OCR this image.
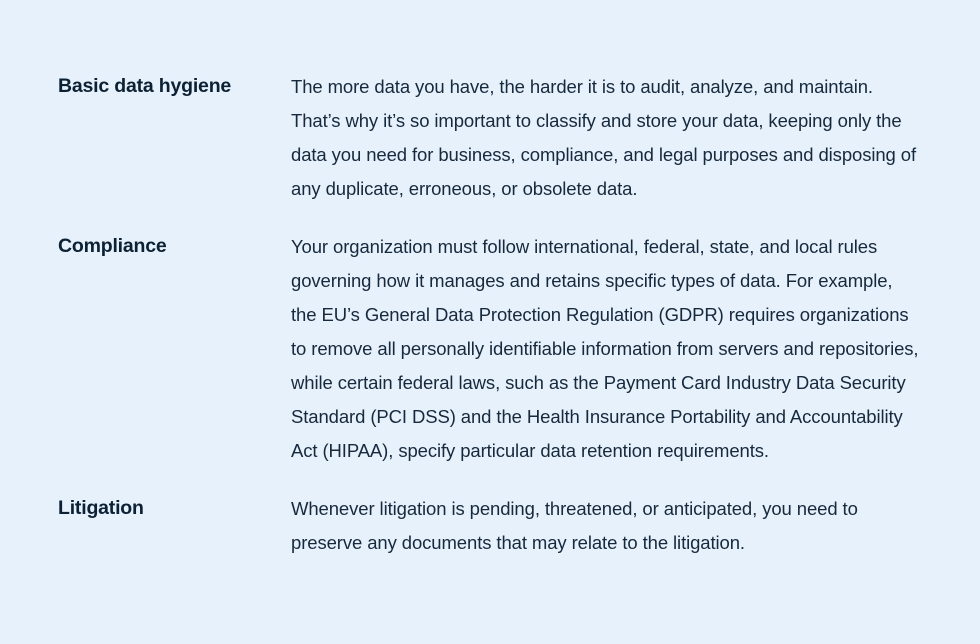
Basic data hygiene	The more data you have, the harder it is to audit, analyze, and maintain. That’s why it’s so important to classify and store your data, keeping only the data you need for business, compliance, and legal purposes and disposing of any duplicate, erroneous, or obsolete data.
Compliance	Your organization must follow international, federal, state, and local rules governing how it manages and retains specific types of data. For example, the EU’s General Data Protection Regulation (GDPR) requires organizations to remove all personally identifiable information from servers and repositories, while certain federal laws, such as the Payment Card Industry Data Security Standard (PCI DSS) and the Health Insurance Portability and Accountability Act (HIPAA), specify particular data retention requirements.
Litigation	Whenever litigation is pending, threatened, or anticipated, you need to preserve any documents that may relate to the litigation.
